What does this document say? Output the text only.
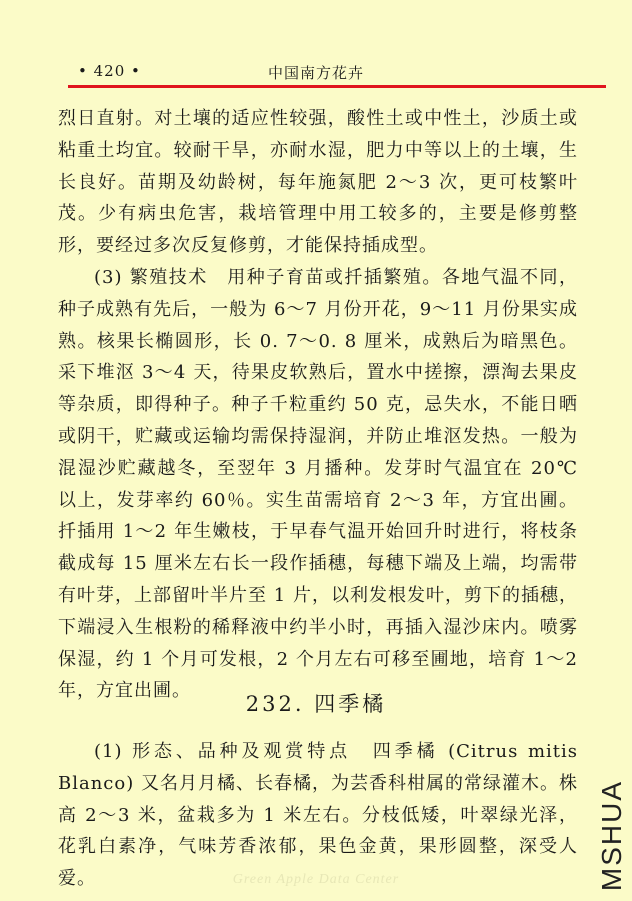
• 420 •	中国南方花卉

烈日直射。对土壤的适应性较强，酸性土或中性土，沙质土或粘重土均宜。较耐干旱，亦耐水湿，肥力中等以上的土壤，生长良好。苗期及幼龄树，每年施氮肥 2～3 次，更可枝繁叶茂。少有病虫危害，栽培管理中用工较多的，主要是修剪整形，要经过多次反复修剪，才能保持插成型。

(3) 繁殖技术　用种子育苗或扦插繁殖。各地气温不同，种子成熟有先后，一般为 6～7 月份开花，9～11 月份果实成熟。核果长椭圆形，长 0. 7～0. 8 厘米，成熟后为暗黑色。采下堆沤 3～4 天，待果皮软熟后，置水中搓擦，漂淘去果皮等杂质，即得种子。种子千粒重约 50 克，忌失水，不能日晒或阴干，贮藏或运输均需保持湿润，并防止堆沤发热。一般为混湿沙贮藏越冬，至翌年 3 月播种。发芽时气温宜在 20℃ 以上，发芽率约 60％。实生苗需培育 2～3 年，方宜出圃。扦插用 1～2 年生嫩枝，于早春气温开始回升时进行，将枝条截成每 15 厘米左右长一段作插穗，每穗下端及上端，均需带有叶芽，上部留叶半片至 1 片，以利发根发叶，剪下的插穗，下端浸入生根粉的稀释液中约半小时，再插入湿沙床内。喷雾保湿，约 1 个月可发根，2 个月左右可移至圃地，培育 1～2 年，方宜出圃。

232. 四季橘

(1) 形态、品种及观赏特点　四季橘 (Citrus mitis Blanco) 又名月月橘、长春橘，为芸香科柑属的常绿灌木。株高 2～3 米，盆栽多为 1 米左右。分枝低矮，叶翠绿光泽，花乳白素净，气味芳香浓郁，果色金黄，果形圆整，深受人爱。	MSHUA
Green Apple Data Center
